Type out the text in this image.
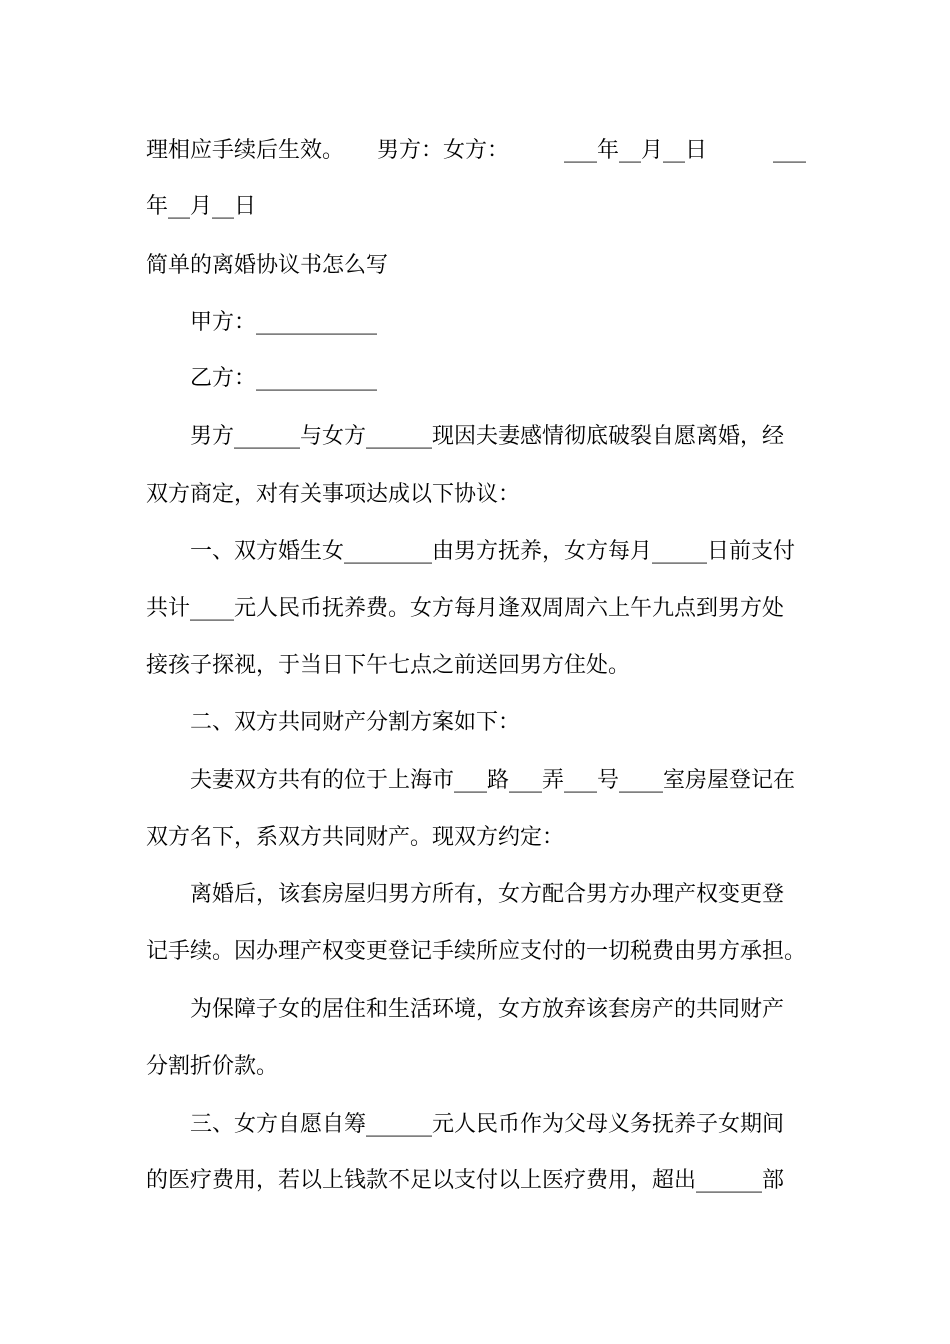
理相应手续后生效。　　男方：女方：　　　___年__月__日　　　___
年__月__日
简单的离婚协议书怎么写
甲方：___________
乙方：___________
男方______与女方______现因夫妻感情彻底破裂自愿离婚，经
双方商定，对有关事项达成以下协议：
一、双方婚生女________由男方抚养，女方每月_____日前支付
共计____元人民币抚养费。女方每月逢双周周六上午九点到男方处
接孩子探视，于当日下午七点之前送回男方住处。
二、双方共同财产分割方案如下：
夫妻双方共有的位于上海市___路___弄___号____室房屋登记在
双方名下，系双方共同财产。现双方约定：
离婚后，该套房屋归男方所有，女方配合男方办理产权变更登
记手续。因办理产权变更登记手续所应支付的一切税费由男方承担。
为保障子女的居住和生活环境，女方放弃该套房产的共同财产
分割折价款。
三、女方自愿自筹______元人民币作为父母义务抚养子女期间
的医疗费用，若以上钱款不足以支付以上医疗费用，超出______部
